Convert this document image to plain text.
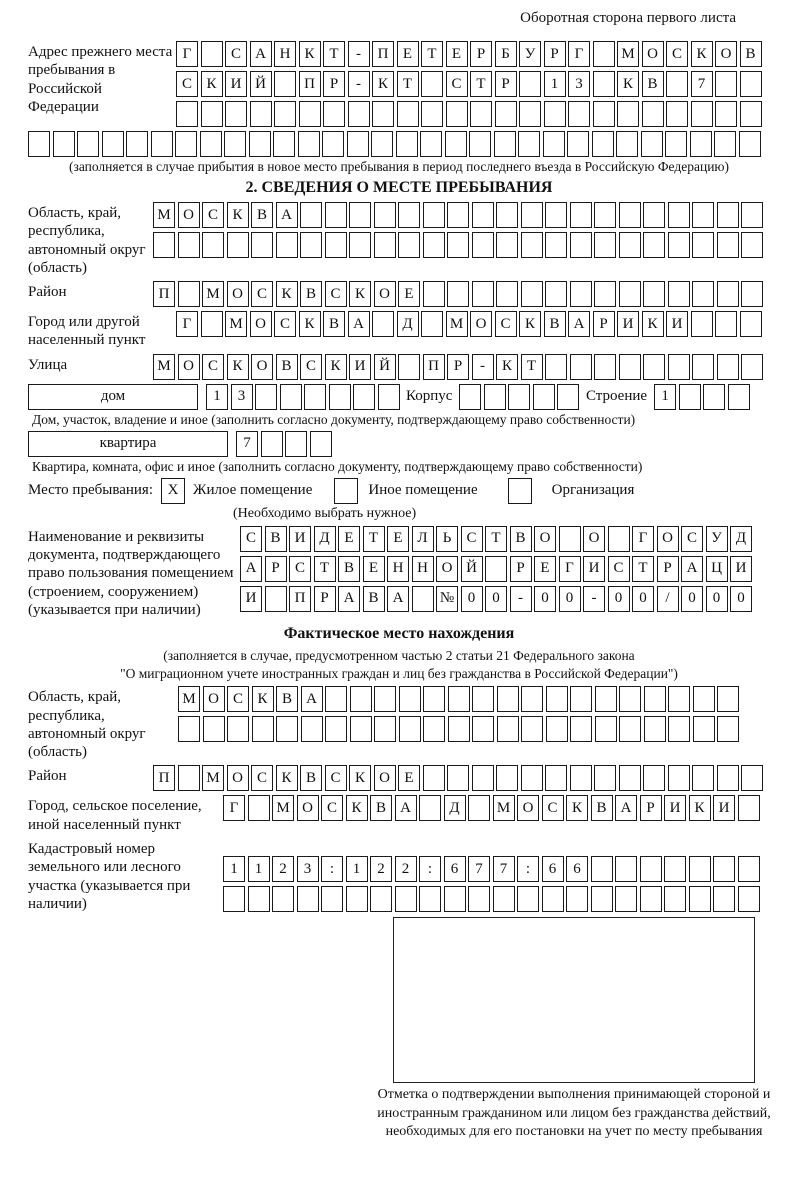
Оборотная сторона первого листа
Адрес прежнего места пребывания в Российской Федерации
Г	С А Н К Т	-	П Е	Т	Е	Р	Б У	Р	Г	М О С К О В
С К И Й	П Р	-	К Т	С Т	Р	1	3	К В	7
(заполняется в случае прибытия в новое место пребывания в период последнего въезда в Российскую Федерацию)
2. СВЕДЕНИЯ О МЕСТЕ ПРЕБЫВАНИЯ
Область, край, республика, автономный округ (область)
М О С К В А
Район	П	М О С К В С К О Е
Город или другой населенный пункт
Г	М О С К В А	Д	М О С К В А Р И К И
Улица	М О С К О В С К И Й	П Р	-	К Т
дом	1	3	Корпус	Строение 1
Дом, участок, владение и иное (заполнить согласно документу, подтверждающему право собственности)
квартира	7
Квартира, комната, офис и иное (заполнить согласно документу, подтверждающему право собственности)
Место пребывания: X Жилое помещение	Иное помещение	Организация
(Необходимо выбрать нужное)
Наименование и реквизиты документа, подтверждающего право пользования помещением (строением, сооружением) (указывается при наличии)
С В И Д Е	Т	Е Л	Ь	С Т В О	О	Г О С У Д
А Р	С Т В Е Н Н О Й	Р	Е	Г И С Т	Р А Ц И
И	П Р А В А	№ 0	0	-	0	0	-	0	0	/	0	0	0
Фактическое место нахождения
(заполняется в случае, предусмотренном частью 2 статьи 21 Федерального закона
"О миграционном учете иностранных граждан и лиц без гражданства в Российской Федерации")
Область, край, республика, автономный округ (область)
М О С К В А
Район	П	М О С К В С К О Е
Город, сельское поселение, иной населенный пункт
Г	М О С К В А	Д	М О С К В А Р И К И
Кадастровый номер земельного или лесного участка (указывается при наличии)
1	1	2	3	:	1	2	2	:	6	7	7	:	6	6
Отметка о подтверждении выполнения принимающей стороной и иностранным гражданином или лицом без гражданства действий, необходимых для его постановки на учет по месту пребывания
